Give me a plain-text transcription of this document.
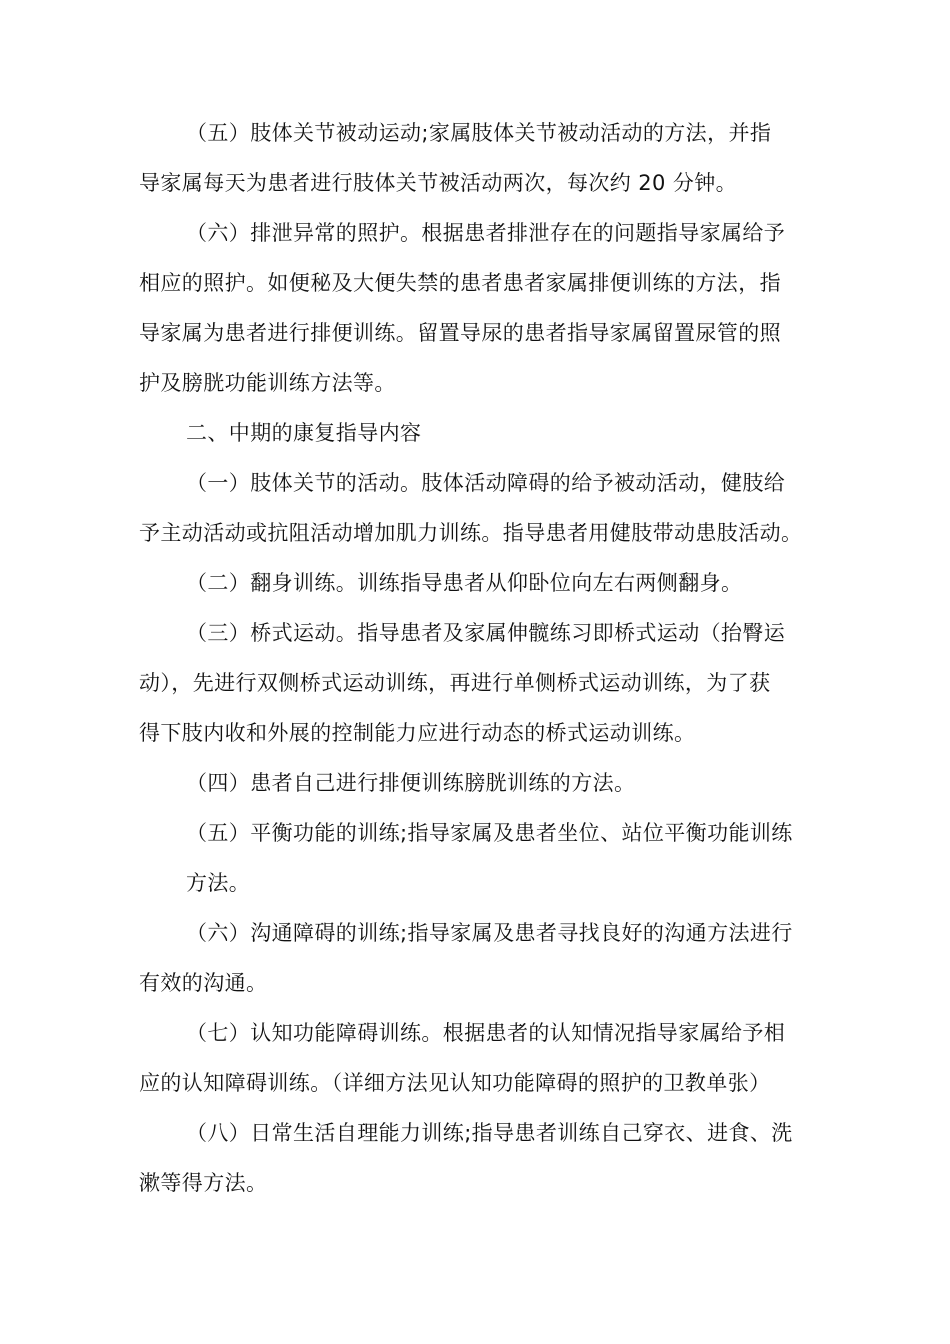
（五）肢体关节被动运动;家属肢体关节被动活动的方法，并指
导家属每天为患者进行肢体关节被活动两次，每次约 20 分钟。
（六）排泄异常的照护。根据患者排泄存在的问题指导家属给予
相应的照护。如便秘及大便失禁的患者患者家属排便训练的方法，指
导家属为患者进行排便训练。留置导尿的患者指导家属留置尿管的照
护及膀胱功能训练方法等。
二、中期的康复指导内容
（一）肢体关节的活动。肢体活动障碍的给予被动活动，健肢给
予主动活动或抗阻活动增加肌力训练。指导患者用健肢带动患肢活动。
（二）翻身训练。训练指导患者从仰卧位向左右两侧翻身。
（三）桥式运动。指导患者及家属伸髋练习即桥式运动（抬臀运
动），先进行双侧桥式运动训练，再进行单侧桥式运动训练，为了获
得下肢内收和外展的控制能力应进行动态的桥式运动训练。
（四）患者自己进行排便训练膀胱训练的方法。
（五）平衡功能的训练;指导家属及患者坐位、站位平衡功能训练
方法。
（六）沟通障碍的训练;指导家属及患者寻找良好的沟通方法进行
有效的沟通。
（七）认知功能障碍训练。根据患者的认知情况指导家属给予相
应的认知障碍训练。（详细方法见认知功能障碍的照护的卫教单张）
（八）日常生活自理能力训练;指导患者训练自己穿衣、进食、洗
漱等得方法。
